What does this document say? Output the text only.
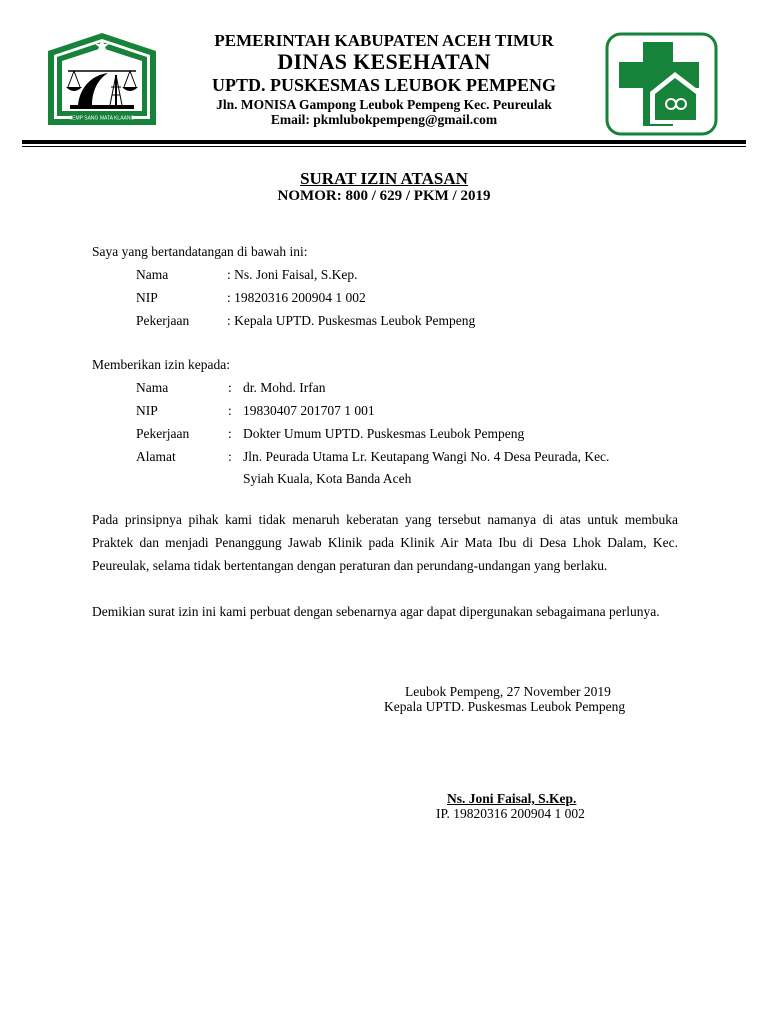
JEMP SANG MATA KLAANG
PEMERINTAH KABUPATEN ACEH TIMUR
DINAS KESEHATAN
UPTD. PUSKESMAS LEUBOK PEMPENG
Jln. MONISA Gampong Leubok Pempeng Kec. Peureulak
Email: pkmlubokpempeng@gmail.com
SURAT IZIN ATASAN
NOMOR: 800 / 629 / PKM / 2019
Saya yang bertandatangan di bawah ini:
Nama	: Ns. Joni Faisal, S.Kep.
NIP	: 19820316 200904 1 002
Pekerjaan	: Kepala UPTD. Puskesmas Leubok Pempeng
Memberikan izin kepada:
Nama	: dr. Mohd. Irfan
NIP	: 19830407 201707 1 001
Pekerjaan	: Dokter Umum UPTD. Puskesmas Leubok Pempeng
Alamat	: Jln. Peurada Utama Lr. Keutapang Wangi No. 4 Desa Peurada, Kec.
Syiah Kuala, Kota Banda Aceh
Pada prinsipnya pihak kami tidak menaruh keberatan yang tersebut namanya di atas untuk membuka Praktek dan menjadi Penanggung Jawab Klinik pada Klinik Air Mata Ibu di Desa Lhok Dalam, Kec. Peureulak, selama tidak bertentangan dengan peraturan dan perundang-undangan yang berlaku.
Demikian surat izin ini kami perbuat dengan sebenarnya agar dapat dipergunakan sebagaimana perlunya.
Leubok Pempeng, 27 November 2019
Kepala UPTD. Puskesmas Leubok Pempeng
Ns. Joni Faisal, S.Kep.
IP. 19820316 200904 1 002
